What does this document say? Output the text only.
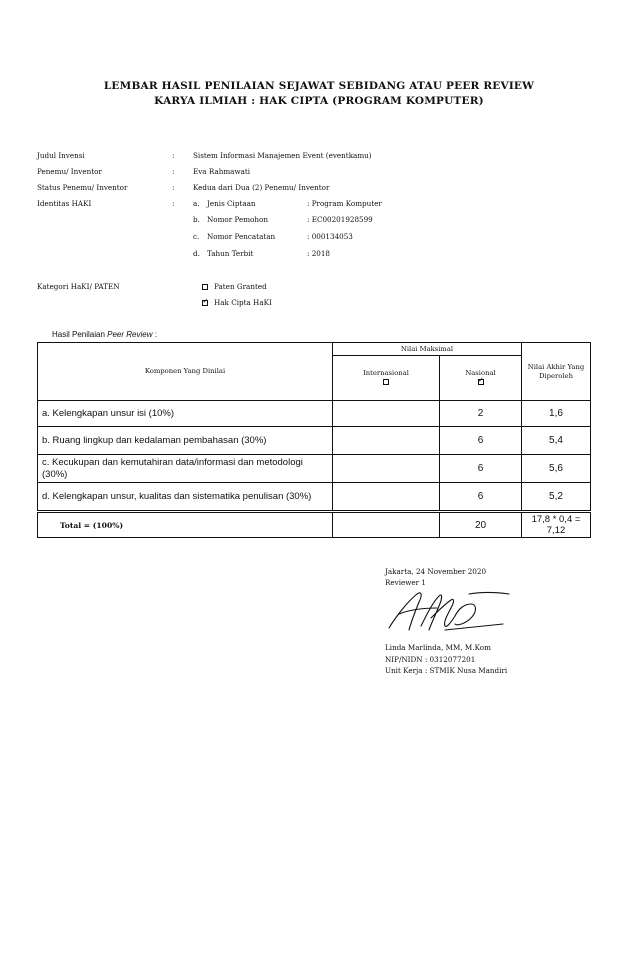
LEMBAR HASIL PENILAIAN SEJAWAT SEBIDANG ATAU PEER REVIEW
KARYA ILMIAH : HAK CIPTA (PROGRAM KOMPUTER)
Judul Invensi	:	Sistem Informasi Manajemen Event (eventkamu)
Penemu/ Inventor	:	Eva Rahmawati
Status Penemu/ Inventor	:	Kedua dari Dua (2) Penemu/ Inventor
Identitas HAKI	:	a. Jenis Ciptaan	: Program Komputer
b. Nomor Pemohon	: EC00201928599
c. Nomor Pencatatan	: 000134053
d. Tahun Terbit	: 2018
Kategori HaKI/ PATEN	Paten Granted
✓Hak Cipta HaKI
Hasil Penilaian Peer Review :
Komponen Yang Dinilai	Nilai Maksimal		Nilai Akhir Yang Diperoleh

	Internasional	Nasional
✓
a. Kelengkapan unsur isi (10%)		2	1,6
b. Ruang lingkup dan kedalaman pembahasan (30%)		6	5,4
c. Kecukupan dan kemutahiran data/informasi dan metodologi (30%)		6	5,6
d. Kelengkapan unsur, kualitas dan sistematika penulisan (30%)		6	5,2
Total = (100%)		20	17,8 * 0,4 = 7,12
Jakarta, 24 November 2020
Reviewer 1
Linda Marlinda, MM, M.Kom
NIP/NIDN : 0312077201
Unit Kerja : STMIK Nusa Mandiri
